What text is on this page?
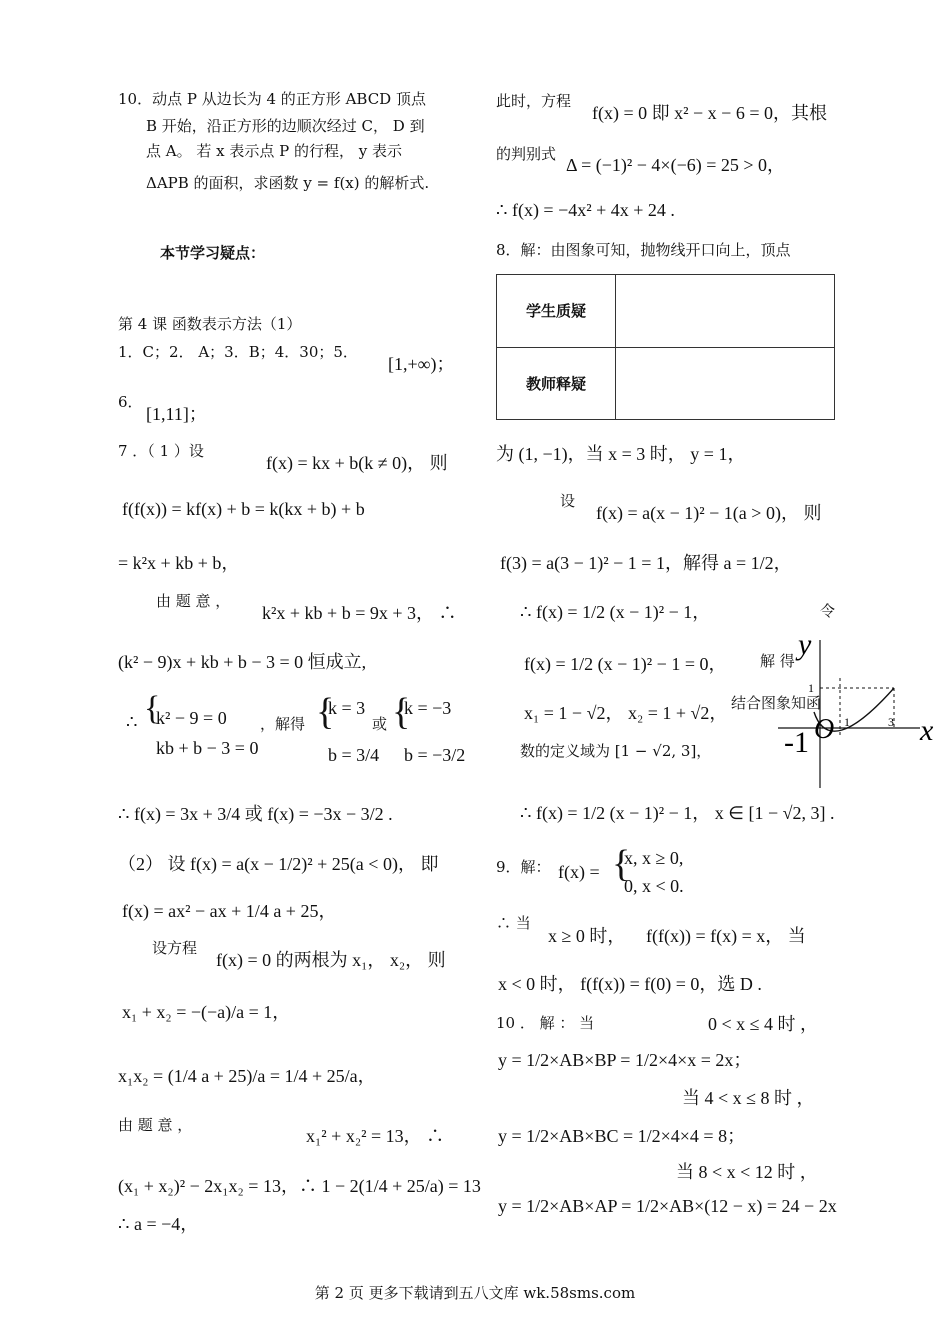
10．动点 P 从边长为 4 的正方形 ABCD 顶点
B 开始，沿正方形的边顺次经过 C， D 到
点 A。 若 x 表示点 P 的行程， y 表示
ΔAPB 的面积，求函数 y = f(x) 的解析式.
本节学习疑点：
第 4 课 函数表示方法（1）
1．C；2． A；3．B；4．30；5．
[1,+∞)；
6．
[1,11]；
7 ．（ 1 ）设
f(x) = kx + b(k ≠ 0)， 则
f(f(x)) = kf(x) + b = k(kx + b) + b
= k²x + kb + b，
由 题 意 ，
k²x + kb + b = 9x + 3， ∴
(k² − 9)x + kb + b − 3 = 0 恒成立,
∴ {
k² − 9 = 0
kb + b − 3 = 0
，解得 {
k = 3
b = 3/4
或 {
k = −3
b = −3/2
∴ f(x) = 3x + 3/4 或 f(x) = −3x − 3/2 .
（2） 设 f(x) = a(x − 1/2)² + 25(a < 0)， 即
f(x) = ax² − ax + 1/4 a + 25，
设方程
f(x) = 0 的两根为 x₁， x₂， 则
x₁ + x₂ = −(−a)/a = 1，
x₁x₂ = (1/4 a + 25)/a = 1/4 + 25/a，
由 题 意 ，
x₁² + x₂² = 13， ∴
(x₁ + x₂)² − 2x₁x₂ = 13，∴ 1 − 2(1/4 + 25/a) = 13
∴ a = −4，
此时，方程
f(x) = 0 即 x² − x − 6 = 0，其根
的判别式
Δ = (−1)² − 4×(−6) = 25 > 0，
∴ f(x) = −4x² + 4x + 24 .
8．解：由图象可知，抛物线开口向上，顶点
学生质疑	
教师释疑	
为 (1, −1)，当 x = 3 时， y = 1，
设
f(x) = a(x − 1)² − 1(a > 0)， 则
f(3) = a(3 − 1)² − 1 = 1，解得 a = 1/2，
∴ f(x) = 1/2 (x − 1)² − 1，	令
f(x) = 1/2 (x − 1)² − 1 = 0， 解 得
x₁ = 1 − √2， x₂ = 1 + √2， 结合图象知函
数的定义域为 [1 − √2, 3]，
∴ f(x) = 1/2 (x − 1)² − 1， x ∈ [1 − √2, 3] .
y
x
O
1
-1
1	3
9．解： f(x) = {
x, x ≥ 0,
0, x < 0.
∴ 当
x ≥ 0 时， f(f(x)) = f(x) = x， 当
x < 0 时， f(f(x)) = f(0) = 0，选 D .
10 ． 解 ： 当	0 < x ≤ 4 时 ，
y = 1/2×AB×BP = 1/2×4×x = 2x；
当 4 < x ≤ 8 时 ，
y = 1/2×AB×BC = 1/2×4×4 = 8；
当 8 < x < 12 时 ，
y = 1/2×AB×AP = 1/2×AB×(12 − x) = 24 − 2x
第 2 页 更多下载请到五八文库 wk.58sms.com
